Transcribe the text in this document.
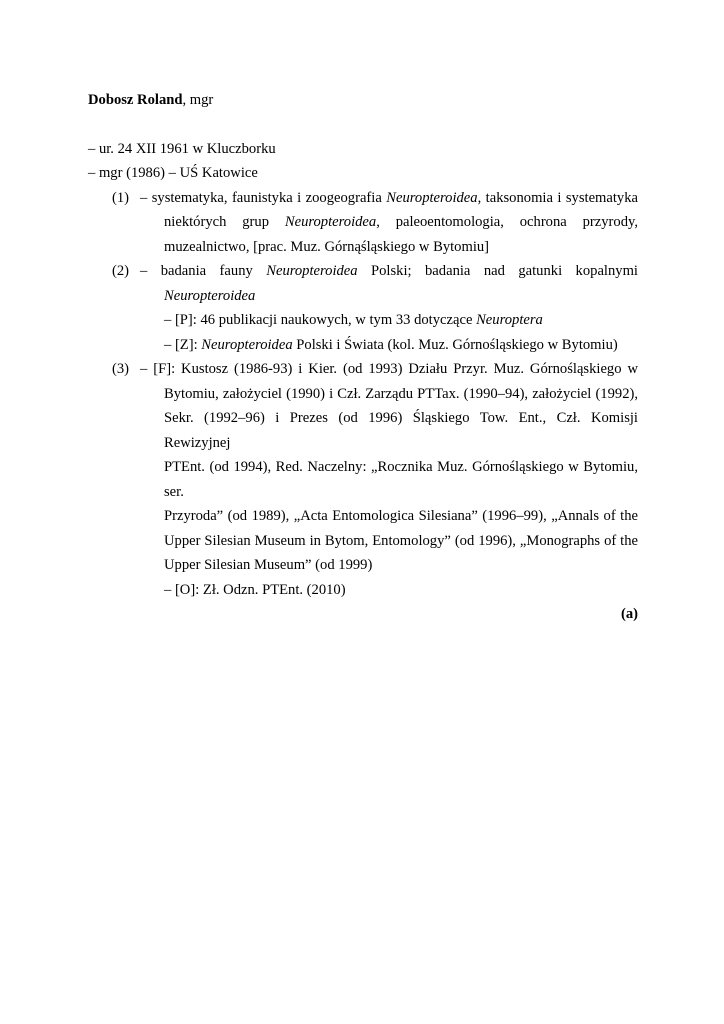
Dobosz Roland, mgr
– ur. 24 XII 1961 w Kluczborku
– mgr (1986) – UŚ Katowice
(1) – systematyka, faunistyka i zoogeografia Neuropteroidea, taksonomia i systematyka
niektórych grup Neuropteroidea, paleoentomologia, ochrona przyrody,
muzealnictwo, [prac. Muz. Górnąśląskiego w Bytomiu]
(2) – badania fauny Neuropteroidea Polski; badania nad gatunki kopalnymi
Neuropteroidea
– [P]: 46 publikacji naukowych, w tym 33 dotyczące Neuroptera
– [Z]: Neuropteroidea Polski i Świata (kol. Muz. Górnośląskiego w Bytomiu)
(3) – [F]: Kustosz (1986-93) i Kier. (od 1993) Działu Przyr. Muz. Górnośląskiego w
Bytomiu, założyciel (1990) i Czł. Zarządu PTTax. (1990–94), założyciel (1992),
Sekr. (1992–96) i Prezes (od 1996) Śląskiego Tow. Ent., Czł. Komisji Rewizyjnej
PTEnt. (od 1994), Red. Naczelny: „Rocznika Muz. Górnośląskiego w Bytomiu, ser.
Przyroda” (od 1989), „Acta Entomologica Silesiana” (1996–99), „Annals of the
Upper Silesian Museum in Bytom, Entomology” (od 1996), „Monographs of the
Upper Silesian Museum” (od 1999)
– [O]: Zł. Odzn. PTEnt. (2010)
(a)
